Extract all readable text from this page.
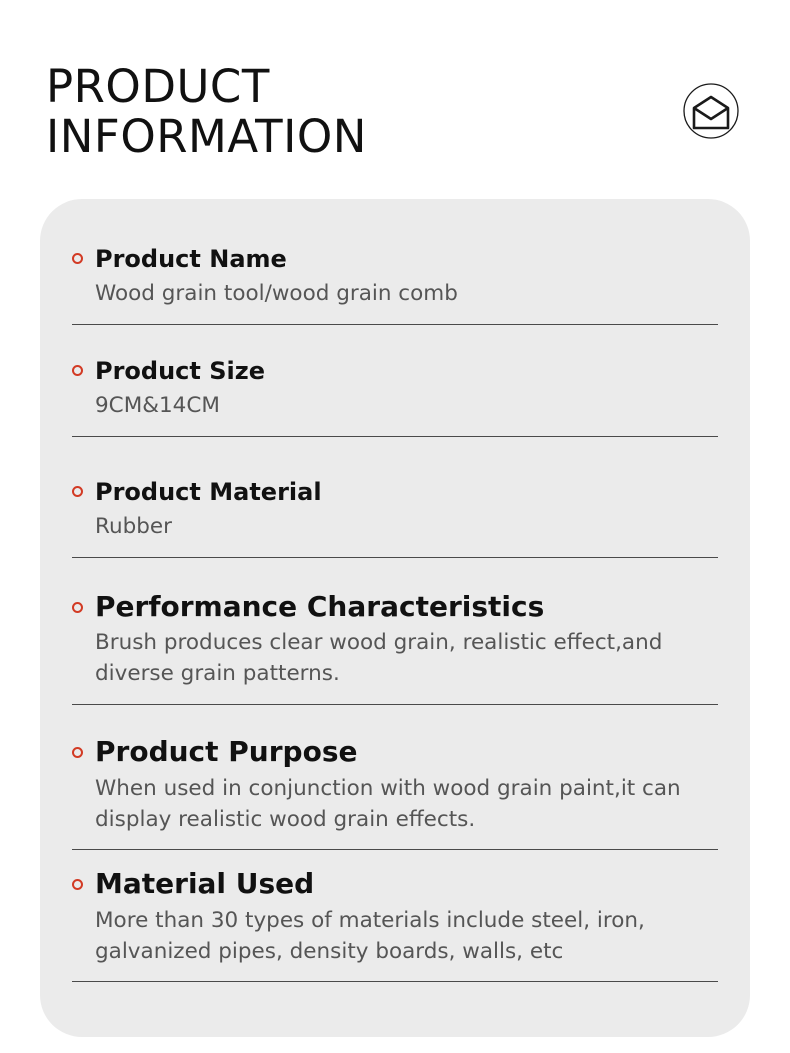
PRODUCT
INFORMATION
Product Name
Wood grain tool/wood grain comb
Product Size
9CM&14CM
Product Material
Rubber
Performance Characteristics
Brush produces clear wood grain, realistic effect,and diverse grain patterns.
Product Purpose
When used in conjunction with wood grain paint,it can display realistic wood grain effects.
Material Used
More than 30 types of materials include steel, iron, galvanized pipes, density boards, walls, etc
